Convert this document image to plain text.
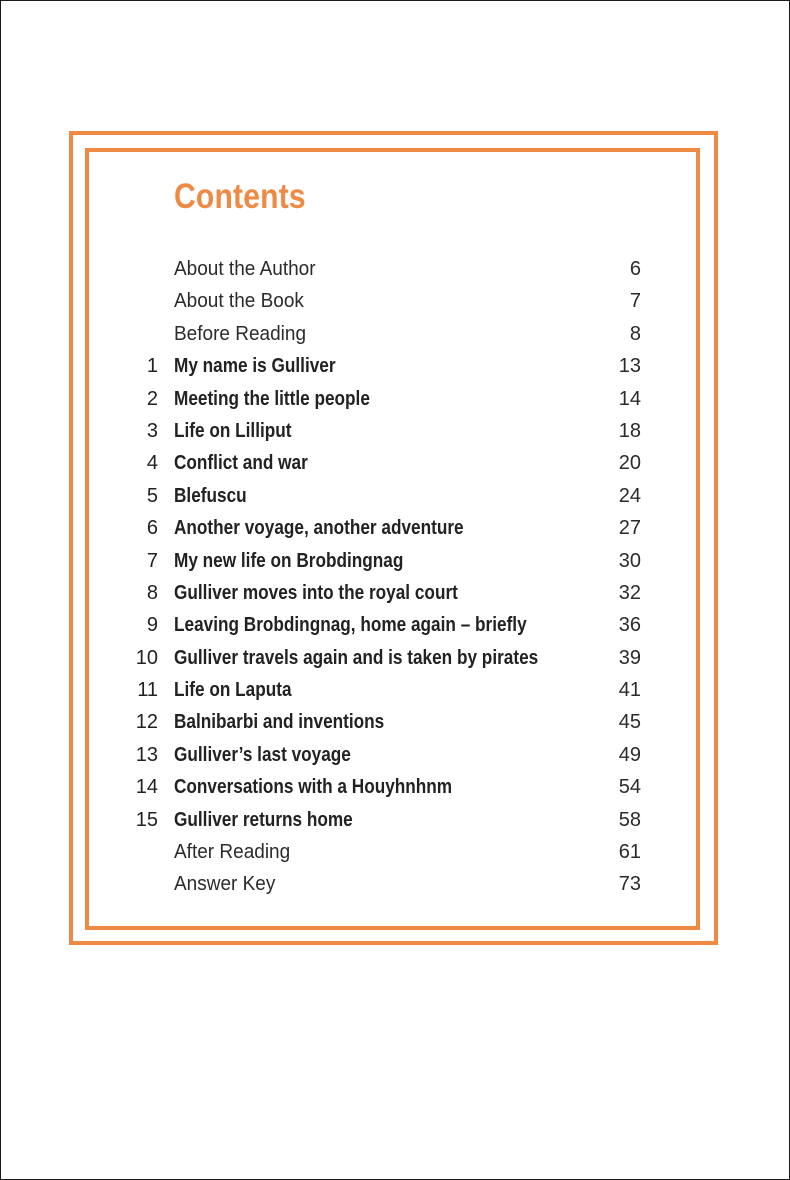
Contents
About the Author	6
About the Book	7
Before Reading	8
1 My name is Gulliver	13
2 Meeting the little people	14
3 Life on Lilliput	18
4 Conflict and war	20
5 Blefuscu	24
6 Another voyage, another adventure	27
7 My new life on Brobdingnag	30
8 Gulliver moves into the royal court	32
9 Leaving Brobdingnag, home again – briefly	36
10 Gulliver travels again and is taken by pirates	39
11 Life on Laputa	41
12 Balnibarbi and inventions	45
13 Gulliver’s last voyage	49
14 Conversations with a Houyhnhnm	54
15 Gulliver returns home	58
After Reading	61
Answer Key	73
